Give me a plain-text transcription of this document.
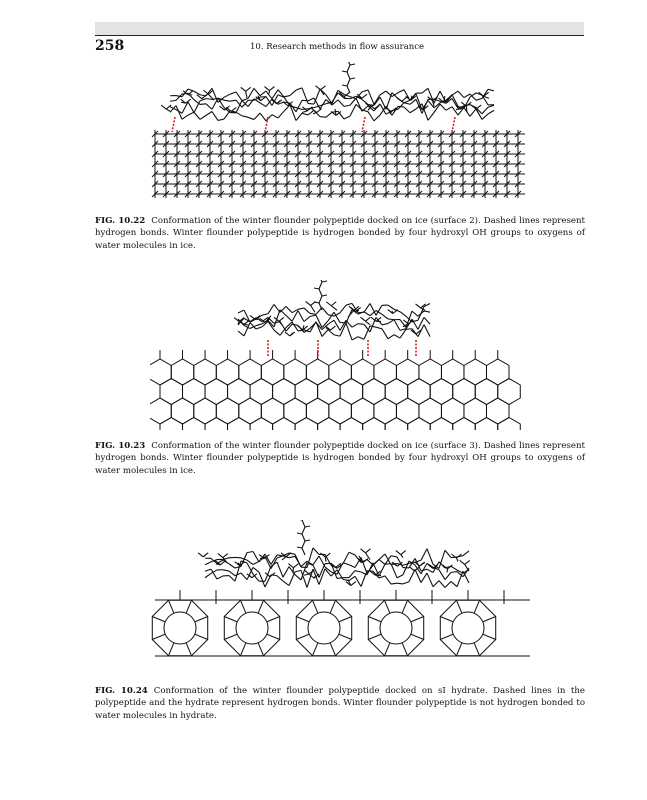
258	10. Research methods in flow assurance
FIG. 10.22 Conformation of the winter flounder polypeptide docked on ice (surface 2). Dashed lines represent hydrogen bonds. Winter flounder polypeptide is hydrogen bonded by four hydroxyl OH groups to oxygens of water molecules in ice.
FIG. 10.23 Conformation of the winter flounder polypeptide docked on ice (surface 3). Dashed lines represent hydrogen bonds. Winter flounder polypeptide is hydrogen bonded by four hydroxyl OH groups to oxygens of water molecules in ice.
FIG. 10.24 Conformation of the winter flounder polypeptide docked on sI hydrate. Dashed lines in the polypeptide and the hydrate represent hydrogen bonds. Winter flounder polypeptide is not hydrogen bonded to water molecules in hydrate.
